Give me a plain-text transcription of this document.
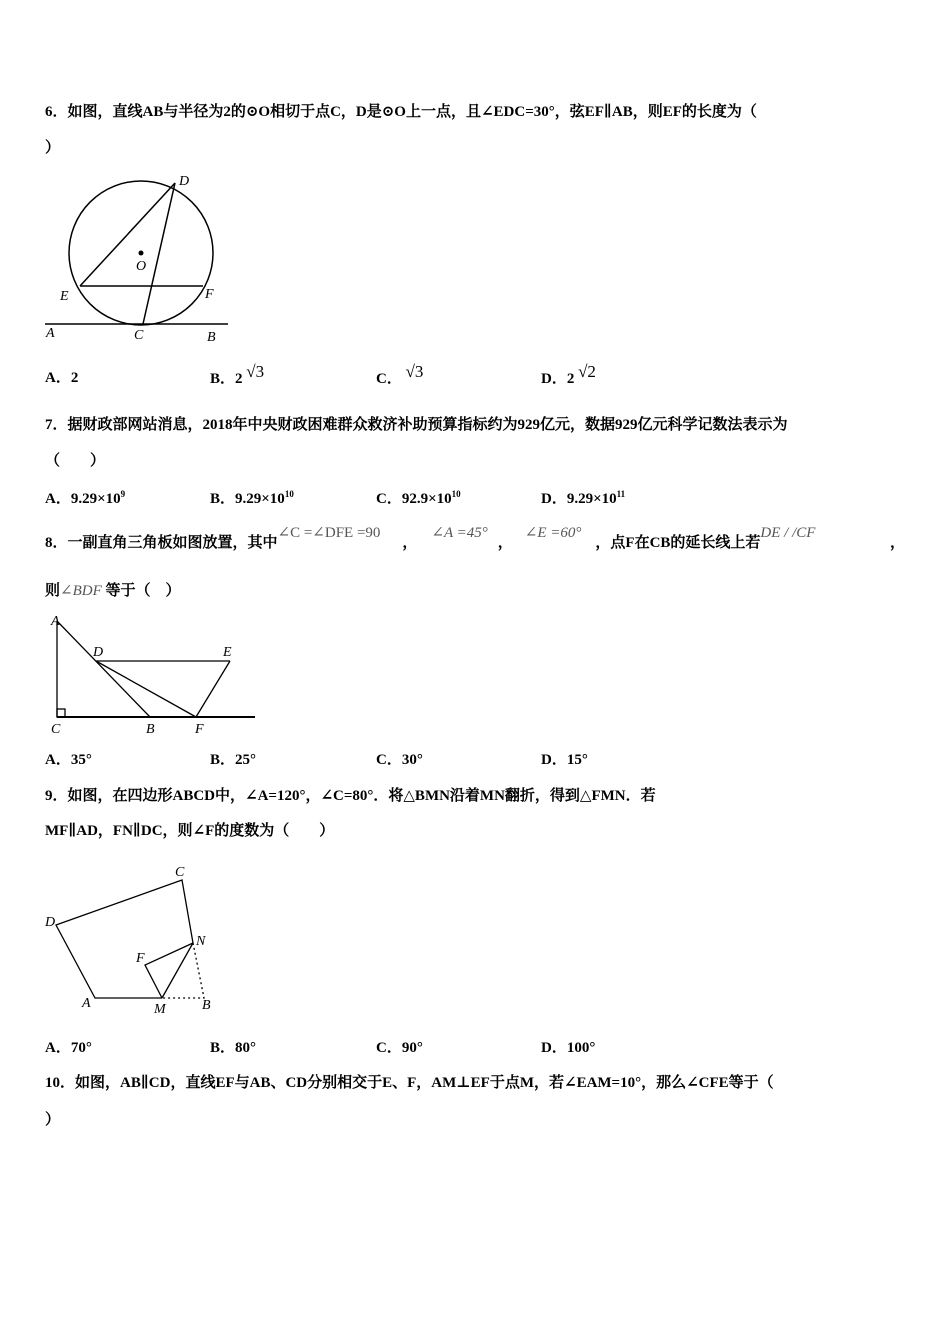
6．如图，直线AB与半径为2的⊙O相切于点C，D是⊙O上一点，且∠EDC=30°，弦EF∥AB，则EF的长度为（
）
D
O
E	F
A	C	B
A
D	E
C	B	F
C
D
N
F
A	M	B
A．2	B．2 √3	C． √3	D．2 √2
7．据财政部网站消息，2018年中央财政困难群众救济补助预算指标约为929亿元，数据929亿元科学记数法表示为
（　　）
A．$9.29\times 10^9$	B．$9.29\times 10^{10}$	C．$92.9\times 10^{10}$	D．$9.29\times 10^{11}$
8．一副直角三角板如图放置，其中∠C =∠DFE =90，∠A =45°，∠E =60°，点F在CB的延长线上若DE / /CF
，
则∠BDF 等于（　）
A．35°	B．25°	C．30°	D．15°
9．如图，在四边形ABCD中，∠A=120°，∠C=80°．将△BMN沿着MN翻折，得到△FMN．若
MF∥AD，FN∥DC，则∠F的度数为（　　）
A．70°	B．80°	C．90°	D．100°
10．如图，AB∥CD，直线EF与AB、CD分别相交于E、F，AM⊥EF于点M，若∠EAM=10°，那么∠CFE等于（
）
